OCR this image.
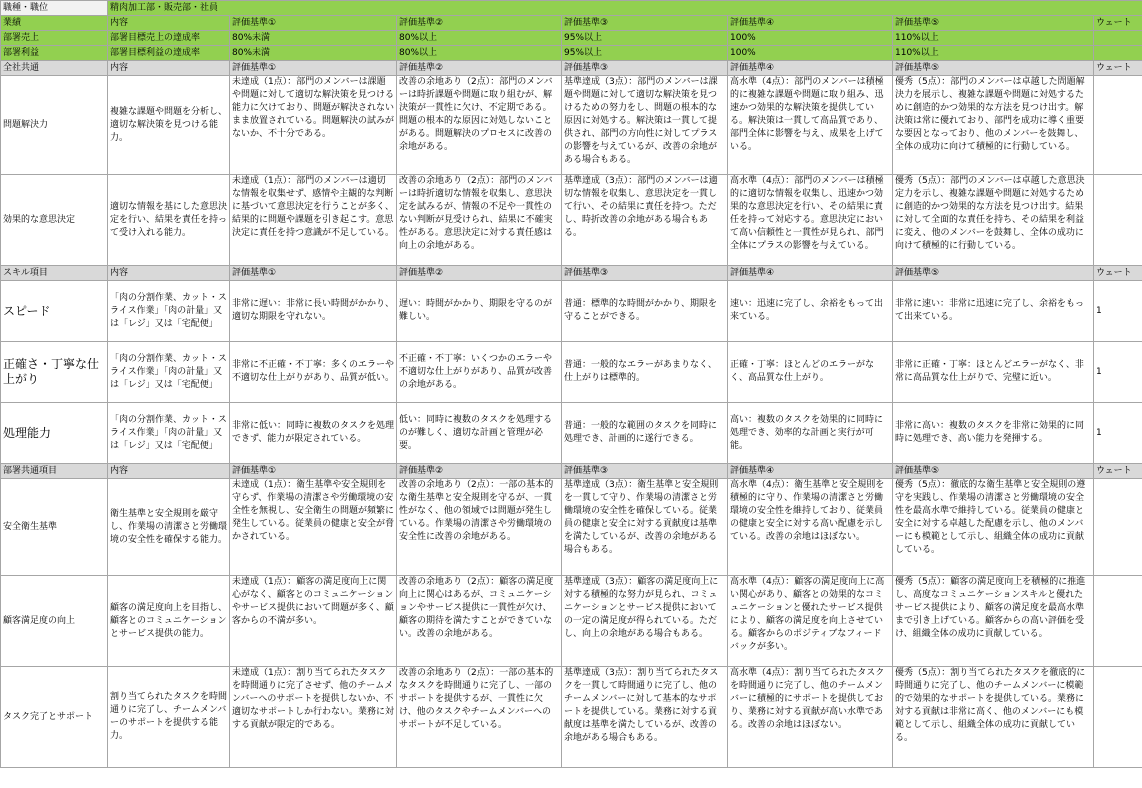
職種・職位	精肉加工部・販売部・社員						
業績	内容	評価基準①	評価基準②	評価基準③	評価基準④	評価基準⑤	ウェート
部署売上	部署目標売上の達成率	80%未満	80%以上	95%以上	100%	110%以上	
部署利益	部署目標利益の達成率	80%未満	80%以上	95%以上	100%	110%以上	
全社共通	内容	評価基準①	評価基準②	評価基準③	評価基準④	評価基準⑤	ウェート
問題解決力	複雑な課題や問題を分析し、適切な解決策を見つける能力。	未達成（1点）：部門のメンバーは課題や問題に対して適切な解決策を見つける能力に欠けており、問題が解決されないまま放置されている。問題解決の試みがないか、不十分である。	改善の余地あり（2点）：部門のメンバーは時折課題や問題に取り組むが、解決策が一貫性に欠け、不定期である。問題の根本的な原因に対処しないことがある。問題解決のプロセスに改善の余地がある。	基準達成（3点）：部門のメンバーは課題や問題に対して適切な解決策を見つけるための努力をし、問題の根本的な原因に対処する。解決策は一貫して提供され、部門の方向性に対してプラスの影響を与えているが、改善の余地がある場合もある。	高水準（4点）：部門のメンバーは積極的に複雑な課題や問題に取り組み、迅速かつ効果的な解決策を提供している。解決策は一貫して高品質であり、部門全体に影響を与え、成果を上げている。	優秀（5点）：部門のメンバーは卓越した問題解決力を展示し、複雑な課題や問題に対処するために創造的かつ効果的な方法を見つけ出す。解決策は常に優れており、部門を成功に導く重要な要因となっており、他のメンバーを鼓舞し、全体の成功に向けて積極的に行動している。	
効果的な意思決定	適切な情報を基にした意思決定を行い、結果を責任を持って受け入れる能力。	未達成（1点）：部門のメンバーは適切な情報を収集せず、感情や主観的な判断に基づいて意思決定を行うことが多く、結果的に問題や課題を引き起こす。意思決定に責任を持つ意識が不足している。	改善の余地あり（2点）：部門のメンバーは時折適切な情報を収集し、意思決定を試みるが、情報の不足や一貫性のない判断が見受けられ、結果に不確実性がある。意思決定に対する責任感は向上の余地がある。	基準達成（3点）：部門のメンバーは適切な情報を収集し、意思決定を一貫して行い、その結果に責任を持つ。ただし、時折改善の余地がある場合もある。	高水準（4点）：部門のメンバーは積極的に適切な情報を収集し、迅速かつ効果的な意思決定を行い、その結果に責任を持って対応する。意思決定において高い信頼性と一貫性が見られ、部門全体にプラスの影響を与えている。	優秀（5点）：部門のメンバーは卓越した意思決定力を示し、複雑な課題や問題に対処するために創造的かつ効果的な方法を見つけ出す。結果に対して全面的な責任を持ち、その結果を利益に変え、他のメンバーを鼓舞し、全体の成功に向けて積極的に行動している。	
スキル項目	内容	評価基準①	評価基準②	評価基準③	評価基準④	評価基準⑤	ウェート
スピード	「肉の分割作業、カット・スライス作業」「肉の計量」又は「レジ」又は「宅配便」	非常に遅い：非常に長い時間がかかり、適切な期限を守れない。	遅い：時間がかかり、期限を守るのが難しい。	普通：標準的な時間がかかり、期限を守ることができる。	速い：迅速に完了し、余裕をもって出来ている。	非常に速い：非常に迅速に完了し、余裕をもって出来ている。	1
正確さ・丁寧な仕上がり	「肉の分割作業、カット・スライス作業」「肉の計量」又は「レジ」又は「宅配便」	非常に不正確・不丁寧：多くのエラーや不適切な仕上がりがあり、品質が低い。	不正確・不丁寧：いくつかのエラーや不適切な仕上がりがあり、品質が改善の余地がある。	普通：一般的なエラーがあまりなく、仕上がりは標準的。	正確・丁寧：ほとんどのエラーがなく、高品質な仕上がり。	非常に正確・丁寧：ほとんどエラーがなく、非常に高品質な仕上がりで、完璧に近い。	1
処理能力	「肉の分割作業、カット・スライス作業」「肉の計量」又は「レジ」又は「宅配便」	非常に低い：同時に複数のタスクを処理できず、能力が限定されている。	低い：同時に複数のタスクを処理するのが難しく、適切な計画と管理が必要。	普通：一般的な範囲のタスクを同時に処理でき、計画的に遂行できる。	高い：複数のタスクを効果的に同時に処理でき、効率的な計画と実行が可能。	非常に高い：複数のタスクを非常に効果的に同時に処理でき、高い能力を発揮する。	1
部署共通項目	内容	評価基準①	評価基準②	評価基準③	評価基準④	評価基準⑤	ウェート
安全衛生基準	衛生基準と安全規則を厳守し、作業場の清潔さと労働環境の安全性を確保する能力。	未達成（1点）：衛生基準や安全規則を守らず、作業場の清潔さや労働環境の安全性を無視し、安全衛生の問題が頻繁に発生している。従業員の健康と安全が脅かされている。	改善の余地あり（2点）：一部の基本的な衛生基準と安全規則を守るが、一貫性がなく、他の領域では問題が発生している。作業場の清潔さや労働環境の安全性に改善の余地がある。	基準達成（3点）：衛生基準と安全規則を一貫して守り、作業場の清潔さと労働環境の安全性を確保している。従業員の健康と安全に対する貢献度は基準を満たしているが、改善の余地がある場合もある。	高水準（4点）：衛生基準と安全規則を積極的に守り、作業場の清潔さと労働環境の安全性を維持しており、従業員の健康と安全に対する高い配慮を示している。改善の余地はほぼない。	優秀（5点）：徹底的な衛生基準と安全規則の遵守を実践し、作業場の清潔さと労働環境の安全性を最高水準で維持している。従業員の健康と安全に対する卓越した配慮を示し、他のメンバーにも模範として示し、組織全体の成功に貢献している。	
顧客満足度の向上	顧客の満足度向上を目指し、顧客とのコミュニケーションとサービス提供の能力。	未達成（1点）：顧客の満足度向上に関心がなく、顧客とのコミュニケーションやサービス提供において問題が多く、顧客からの不満が多い。	改善の余地あり（2点）：顧客の満足度向上に関心はあるが、コミュニケーションやサービス提供に一貫性が欠け、顧客の期待を満たすことができていない。改善の余地がある。	基準達成（3点）：顧客の満足度向上に対する積極的な努力が見られ、コミュニケーションとサービス提供においての一定の満足度が得られている。ただし、向上の余地がある場合もある。	高水準（4点）：顧客の満足度向上に高い関心があり、顧客との効果的なコミュニケーションと優れたサービス提供により、顧客の満足度を向上させている。顧客からのポジティブなフィードバックが多い。	優秀（5点）：顧客の満足度向上を積極的に推進し、高度なコミュニケーションスキルと優れたサービス提供により、顧客の満足度を最高水準まで引き上げている。顧客からの高い評価を受け、組織全体の成功に貢献している。	
タスク完了とサポート	割り当てられたタスクを時間通りに完了し、チームメンバーのサポートを提供する能力。	未達成（1点）：割り当てられたタスクを時間通りに完了させず、他のチームメンバーへのサポートを提供しないか、不適切なサポートしか行わない。業務に対する貢献が限定的である。	改善の余地あり（2点）：一部の基本的なタスクを時間通りに完了し、一部のサポートを提供するが、一貫性に欠け、他のタスクやチームメンバーへのサポートが不足している。	基準達成（3点）：割り当てられたタスクを一貫して時間通りに完了し、他のチームメンバーに対して基本的なサポートを提供している。業務に対する貢献度は基準を満たしているが、改善の余地がある場合もある。	高水準（4点）：割り当てられたタスクを時間通りに完了し、他のチームメンバーに積極的にサポートを提供しており、業務に対する貢献が高い水準である。改善の余地はほぼない。	優秀（5点）：割り当てられたタスクを徹底的に時間通りに完了し、他のチームメンバーに模範的で効果的なサポートを提供している。業務に対する貢献は非常に高く、他のメンバーにも模範として示し、組織全体の成功に貢献している。	
